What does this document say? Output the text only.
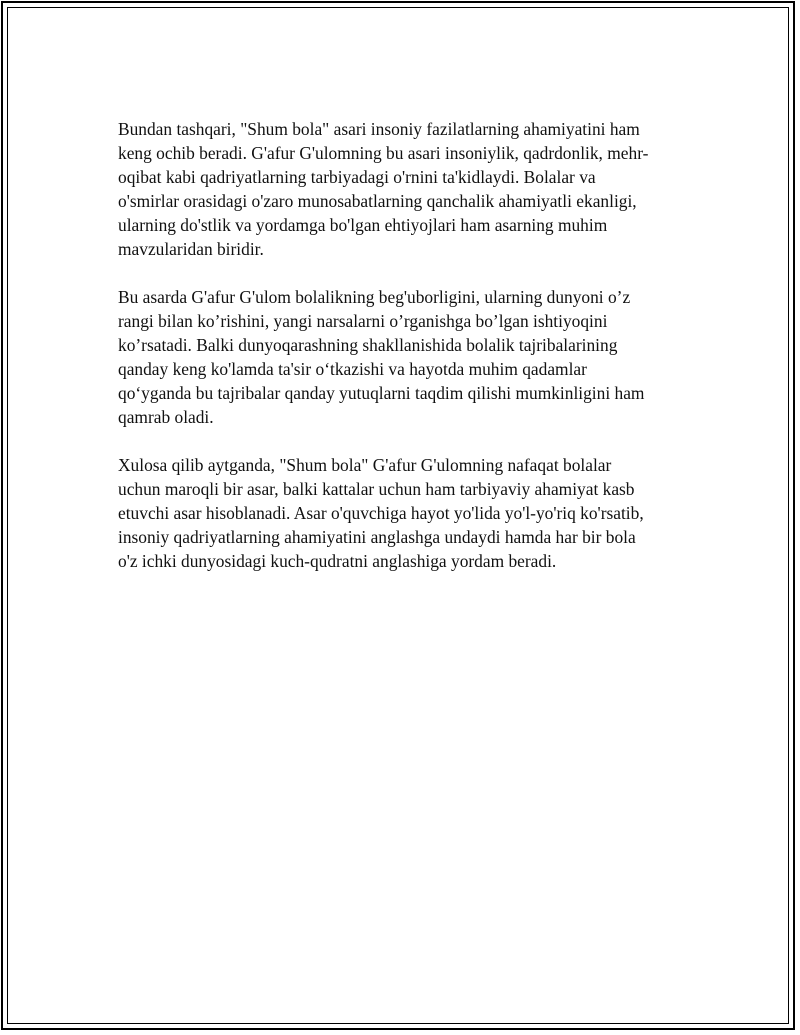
Bundan tashqari, "Shum bola" asari insoniy fazilatlarning ahamiyatini ham
keng ochib beradi. G'afur G'ulomning bu asari insoniylik, qadrdonlik, mehr-
oqibat kabi qadriyatlarning tarbiyadagi o'rnini ta'kidlaydi. Bolalar va
o'smirlar orasidagi o'zaro munosabatlarning qanchalik ahamiyatli ekanligi,
ularning do'stlik va yordamga bo'lgan ehtiyojlari ham asarning muhim
mavzularidan biridir.

Bu asarda G'afur G'ulom bolalikning beg'uborligini, ularning dunyoni o’z
rangi bilan ko’rishini, yangi narsalarni o’rganishga bo’lgan ishtiyoqini
ko’rsatadi. Balki dunyoqarashning shakllanishida bolalik tajribalarining
qanday keng ko'lamda ta'sir o‘tkazishi va hayotda muhim qadamlar
qo‘yganda bu tajribalar qanday yutuqlarni taqdim qilishi mumkinligini ham
qamrab oladi.

Xulosa qilib aytganda, "Shum bola" G'afur G'ulomning nafaqat bolalar
uchun maroqli bir asar, balki kattalar uchun ham tarbiyaviy ahamiyat kasb
etuvchi asar hisoblanadi. Asar o'quvchiga hayot yo'lida yo'l-yo'riq ko'rsatib,
insoniy qadriyatlarning ahamiyatini anglashga undaydi hamda har bir bola
o'z ichki dunyosidagi kuch-qudratni anglashiga yordam beradi.
